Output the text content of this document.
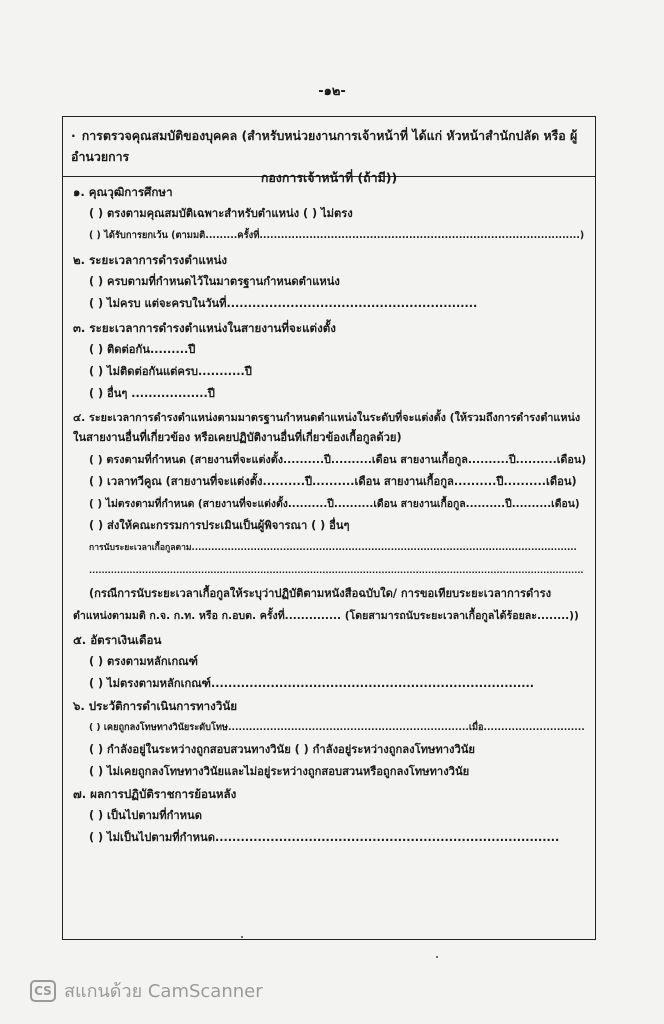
-๑๒-
· การตรวจคุณสมบัติของบุคคล (สำหรับหน่วยงานการเจ้าหน้าที่ ได้แก่ หัวหน้าสำนักปลัด หรือ ผู้อำนวยการ
กองการเจ้าหน้าที่ (ถ้ามี))
๑. คุณวุฒิการศึกษา
( ) ตรงตามคุณสมบัติเฉพาะสำหรับตำแหน่ง ( ) ไม่ตรง
( ) ได้รับการยกเว้น (ตามมติ.........ครั้งที่..........................................................................................)
๒. ระยะเวลาการดำรงตำแหน่ง
( ) ครบตามที่กำหนดไว้ในมาตรฐานกำหนดตำแหน่ง
( ) ไม่ครบ แต่จะครบในวันที่...........................................................
๓. ระยะเวลาการดำรงตำแหน่งในสายงานที่จะแต่งตั้ง
( ) ติดต่อกัน.........ปี
( ) ไม่ติดต่อกันแต่ครบ...........ปี
( ) อื่นๆ ..................ปี
๔. ระยะเวลาการดำรงตำแหน่งตามมาตรฐานกำหนดตำแหน่งในระดับที่จะแต่งตั้ง (ให้รวมถึงการดำรงตำแหน่ง
ในสายงานอื่นที่เกี่ยวข้อง หรือเคยปฏิบัติงานอื่นที่เกี่ยวข้องเกื้อกูลด้วย)
( ) ตรงตามที่กำหนด (สายงานที่จะแต่งตั้ง..........ปี..........เดือน สายงานเกื้อกูล..........ปี..........เดือน)
( ) เวลาทวีคูณ (สายงานที่จะแต่งตั้ง..........ปี..........เดือน สายงานเกื้อกูล..........ปี..........เดือน)
( ) ไม่ตรงตามที่กำหนด (สายงานที่จะแต่งตั้ง..........ปี..........เดือน สายงานเกื้อกูล..........ปี..........เดือน)
( ) ส่งให้คณะกรรมการประเมินเป็นผู้พิจารณา ( ) อื่นๆ
การนับระยะเวลาเกื้อกูลตาม......................................................................................................................
...............................................................................................................................................................
(กรณีการนับระยะเวลาเกื้อกูลให้ระบุว่าปฏิบัติตามหนังสือฉบับใด/ การขอเทียบระยะเวลาการดำรง
ตำแหน่งตามมติ ก.จ. ก.ท. หรือ ก.อบต. ครั้งที่.............. (โดยสามารถนับระยะเวลาเกื้อกูลได้ร้อยละ........))
๕. อัตราเงินเดือน
( ) ตรงตามหลักเกณฑ์
( ) ไม่ตรงตามหลักเกณฑ์............................................................................
๖. ประวัติการดำเนินการทางวินัย
( ) เคยถูกลงโทษทางวินัยระดับโทษ.....................................................................เมื่อ.............................
( ) กำลังอยู่ในระหว่างถูกสอบสวนทางวินัย ( ) กำลังอยู่ระหว่างถูกลงโทษทางวินัย
( ) ไม่เคยถูกลงโทษทางวินัยและไม่อยู่ระหว่างถูกสอบสวนหรือถูกลงโทษทางวินัย
๗. ผลการปฏิบัติราชการย้อนหลัง
( ) เป็นไปตามที่กำหนด
( ) ไม่เป็นไปตามที่กำหนด.................................................................................
CS สแกนด้วย CamScanner
